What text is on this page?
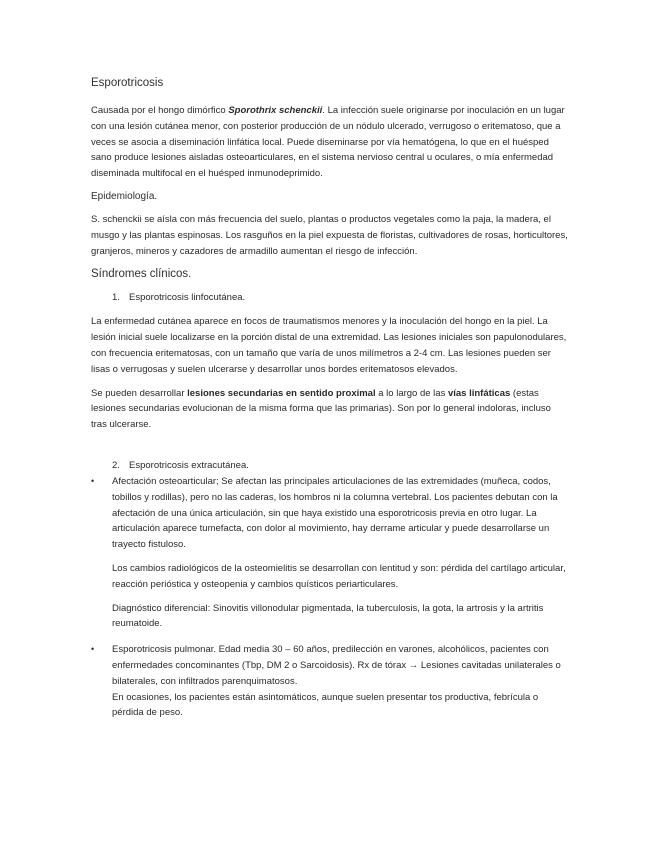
Esporotricosis

Causada por el hongo dimórfico Sporothrix schenckii. La infección suele originarse por inoculación en un lugar con una lesión cutánea menor, con posterior producción de un nódulo ulcerado, verrugoso o eritematoso, que a veces se asocia a diseminación linfática local. Puede diseminarse por vía hematógena, lo que en el huésped sano produce lesiones aisladas osteoarticulares, en el sistema nervioso central u oculares, o mía enfermedad diseminada multifocal en el huésped inmunodeprimido.

Epidemiología.

S. schenckii se aísla con más frecuencia del suelo, plantas o productos vegetales como la paja, la madera, el musgo y las plantas espinosas. Los rasguños en la piel expuesta de floristas, cultivadores de rosas, horticultores, granjeros, mineros y cazadores de armadillo aumentan el riesgo de infección.

Síndromes clínicos.

1. Esporotricosis linfocutánea.

La enfermedad cutánea aparece en focos de traumatismos menores y la inoculación del hongo en la piel. La lesión inicial suele localizarse en la porción distal de una extremidad. Las lesiones iniciales son papulonodulares, con frecuencia eritematosas, con un tamaño que varía de unos milímetros a 2-4 cm. Las lesiones pueden ser lisas o verrugosas y suelen ulcerarse y desarrollar unos bordes eritematosos elevados.

Se pueden desarrollar lesiones secundarias en sentido proximal a lo largo de las vías linfáticas (estas lesiones secundarias evolucionan de la misma forma que las primarias). Son por lo general indoloras, incluso tras ulcerarse.

2. Esporotricosis extracutánea.
• Afectación osteoarticular; Se afectan las principales articulaciones de las extremidades (muñeca, codos, tobillos y rodillas), pero no las caderas, los hombros ni la columna vertebral. Los pacientes debutan con la afectación de una única articulación, sin que haya existido una esporotricosis previa en otro lugar. La articulación aparece tumefacta, con dolor al movimiento, hay derrame articular y puede desarrollarse un trayecto fistuloso.

Los cambios radiológicos de la osteomielitis se desarrollan con lentitud y son: pérdida del cartílago articular, reacción perióstica y osteopenia y cambios quísticos periarticulares.

Diagnóstico diferencial: Sinovitis villonodular pigmentada, la tuberculosis, la gota, la artrosis y la artritis reumatoide.

• Esporotricosis pulmonar. Edad media 30 – 60 años, predilección en varones, alcohólicos, pacientes con enfermedades concominantes (Tbp, DM 2 o Sarcoidosis). Rx de tórax → Lesiones cavitadas unilaterales o bilaterales, con infiltrados parenquimatosos.

En ocasiones, los pacientes están asintomáticos, aunque suelen presentar tos productiva, febrícula o pérdida de peso.
